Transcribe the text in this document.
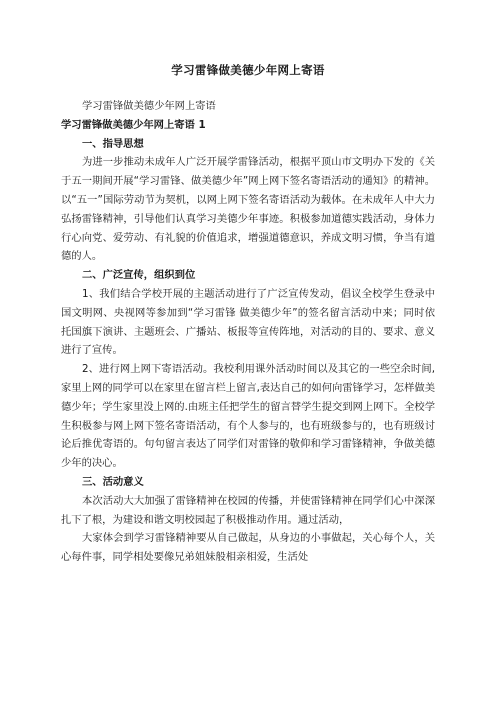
学习雷锋做美德少年网上寄语

学习雷锋做美德少年网上寄语

学习雷锋做美德少年网上寄语 1

一、指导思想

为进一步推动未成年人广泛开展学雷锋活动，根据平顶山市文明办下发的《关于五一期间开展“学习雷锋、做美德少年”网上网下签名寄语活动的通知》的精神。以“五一”国际劳动节为契机，以网上网下签名寄语活动为载体。在未成年人中大力弘扬雷锋精神，引导他们认真学习美德少年事迹。积极参加道德实践活动，身体力行心向党、爱劳动、有礼貌的价值追求，增强道德意识，养成文明习惯，争当有道德的人。

二、广泛宣传，组织到位

1、我们结合学校开展的主题活动进行了广泛宣传发动，倡议全校学生登录中国文明网、央视网等参加到“学习雷锋 做美德少年”的签名留言活动中来；同时依托国旗下演讲、主题班会、广播站、板报等宣传阵地，对活动的目的、要求、意义进行了宣传。

2、进行网上网下寄语活动。我校利用课外活动时间以及其它的一些空余时间,家里上网的同学可以在家里在留言栏上留言,表达自己的如何向雷锋学习，怎样做美德少年；学生家里没上网的.由班主任把学生的留言替学生提交到网上网下。全校学生积极参与网上网下签名寄语活动，有个人参与的，也有班级参与的，也有班级讨论后推优寄语的。句句留言表达了同学们对雷锋的敬仰和学习雷锋精神，争做美德少年的决心。

三、活动意义

本次活动大大加强了雷锋精神在校园的传播，并使雷锋精神在同学们心中深深扎下了根，为建设和谐文明校园起了积极推动作用。通过活动，

大家体会到学习雷锋精神要从自己做起，从身边的小事做起，关心每个人，关心每件事，同学相处要像兄弟姐妹般相亲相爱，生活处
